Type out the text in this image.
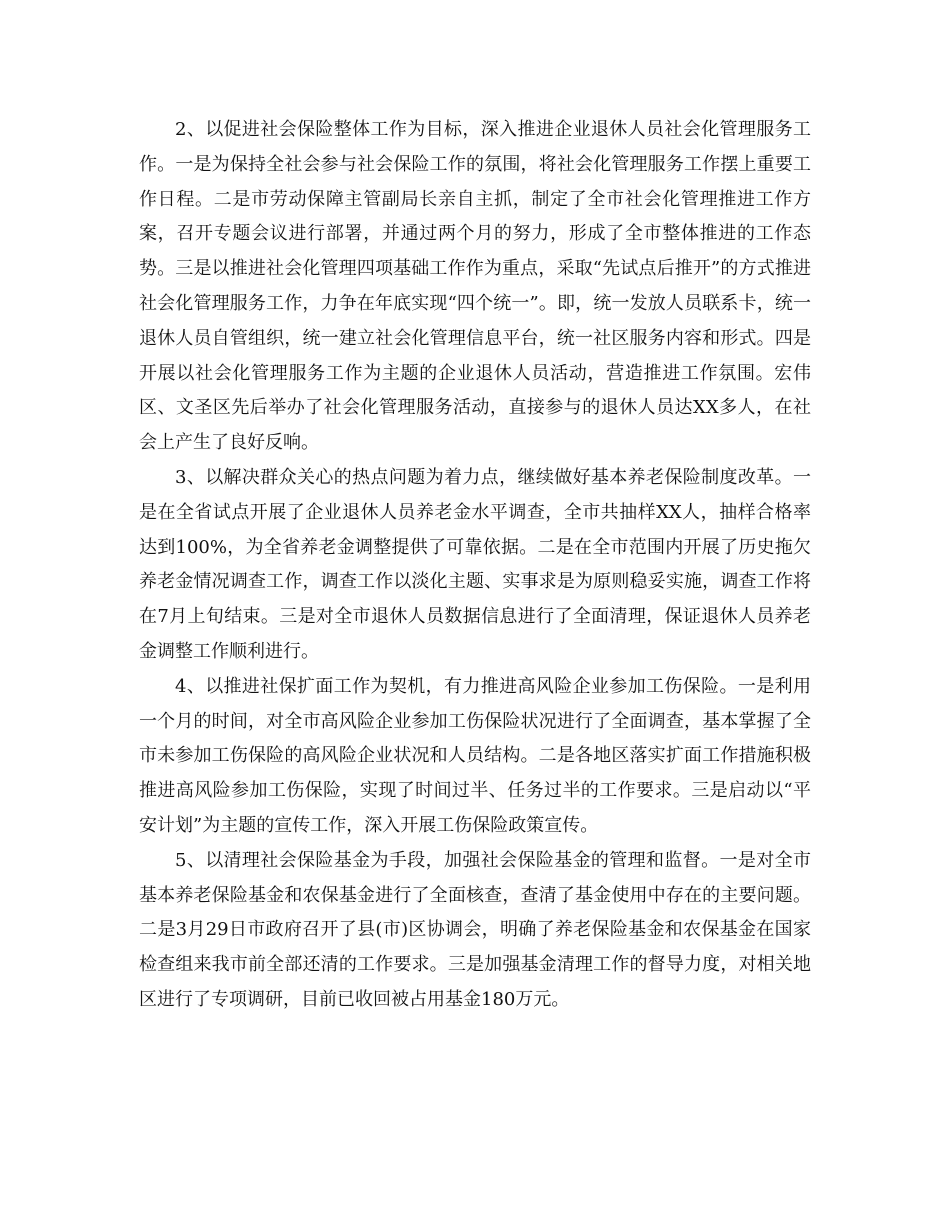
2、以促进社会保险整体工作为目标，深入推进企业退休人员社会化管理服务工作。一是为保持全社会参与社会保险工作的氛围，将社会化管理服务工作摆上重要工作日程。二是市劳动保障主管副局长亲自主抓，制定了全市社会化管理推进工作方案，召开专题会议进行部署，并通过两个月的努力，形成了全市整体推进的工作态势。三是以推进社会化管理四项基础工作作为重点，采取“先试点后推开”的方式推进社会化管理服务工作，力争在年底实现“四个统一”。即，统一发放人员联系卡，统一退休人员自管组织，统一建立社会化管理信息平台，统一社区服务内容和形式。四是开展以社会化管理服务工作为主题的企业退休人员活动，营造推进工作氛围。宏伟区、文圣区先后举办了社会化管理服务活动，直接参与的退休人员达XX多人，在社会上产生了良好反响。

3、以解决群众关心的热点问题为着力点，继续做好基本养老保险制度改革。一是在全省试点开展了企业退休人员养老金水平调查，全市共抽样XX人，抽样合格率达到100%，为全省养老金调整提供了可靠依据。二是在全市范围内开展了历史拖欠养老金情况调查工作，调查工作以淡化主题、实事求是为原则稳妥实施，调查工作将在7月上旬结束。三是对全市退休人员数据信息进行了全面清理，保证退休人员养老金调整工作顺利进行。

4、以推进社保扩面工作为契机，有力推进高风险企业参加工伤保险。一是利用一个月的时间，对全市高风险企业参加工伤保险状况进行了全面调查，基本掌握了全市未参加工伤保险的高风险企业状况和人员结构。二是各地区落实扩面工作措施积极推进高风险参加工伤保险，实现了时间过半、任务过半的工作要求。三是启动以“平安计划”为主题的宣传工作，深入开展工伤保险政策宣传。

5、以清理社会保险基金为手段，加强社会保险基金的管理和监督。一是对全市基本养老保险基金和农保基金进行了全面核查，查清了基金使用中存在的主要问题。二是3月29日市政府召开了县(市)区协调会，明确了养老保险基金和农保基金在国家检查组来我市前全部还清的工作要求。三是加强基金清理工作的督导力度，对相关地区进行了专项调研，目前已收回被占用基金180万元。
